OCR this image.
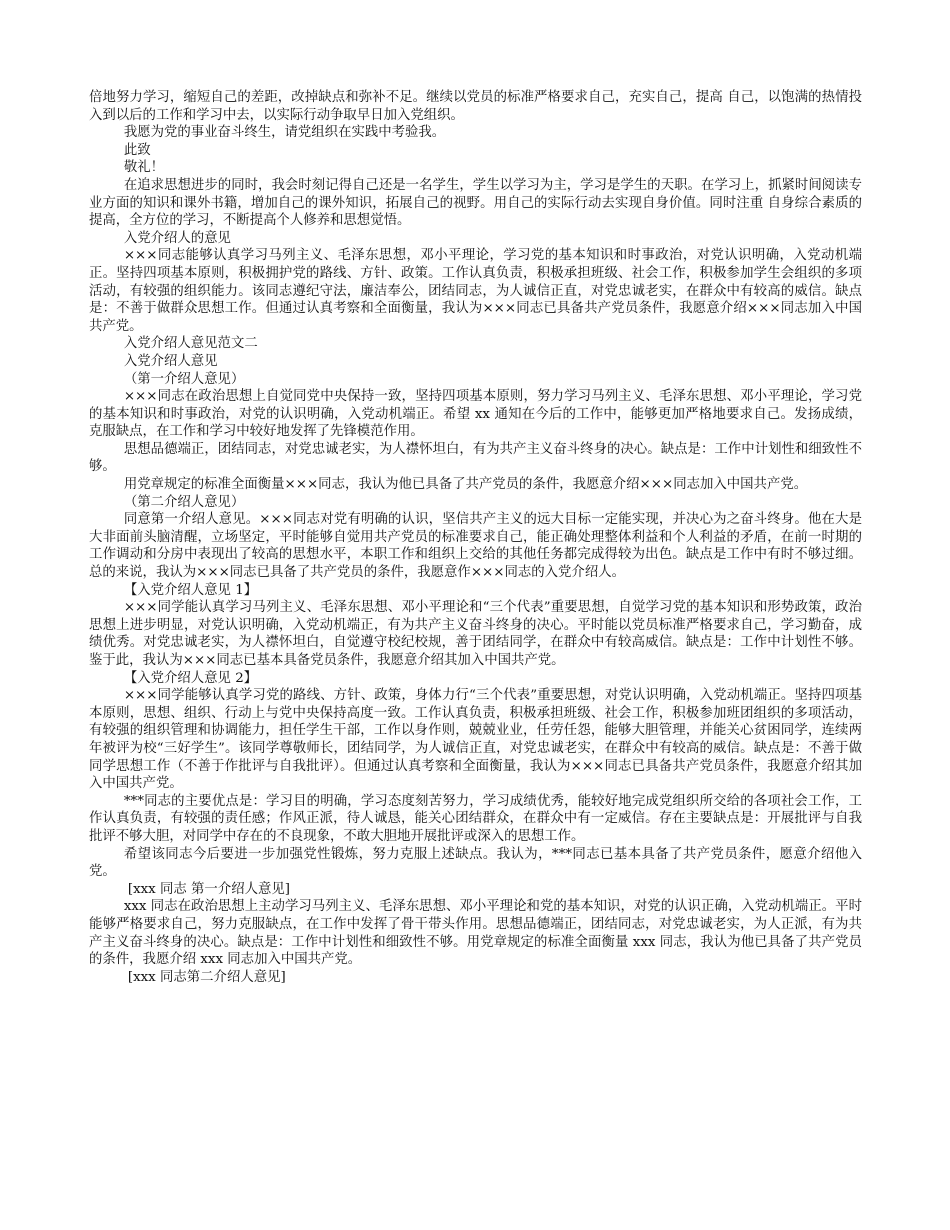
倍地努力学习，缩短自己的差距，改掉缺点和弥补不足。继续以党员的标准严格要求自己，充实自己，提高 自己，以饱满的热情投入到以后的工作和学习中去，以实际行动争取早日加入党组织。

我愿为党的事业奋斗终生，请党组织在实践中考验我。

此致

敬礼！

在追求思想进步的同时，我会时刻记得自己还是一名学生，学生以学习为主，学习是学生的天职。在学习上，抓紧时间阅读专业方面的知识和课外书籍，增加自己的课外知识，拓展自己的视野。用自己的实际行动去实现自身价值。同时注重 自身综合素质的提高，全方位的学习，不断提高个人修养和思想觉悟。

入党介绍人的意见

×××同志能够认真学习马列主义、毛泽东思想，邓小平理论，学习党的基本知识和时事政治，对党认识明确，入党动机端正。坚持四项基本原则，积极拥护党的路线、方针、政策。工作认真负责，积极承担班级、社会工作，积极参加学生会组织的多项活动，有较强的组织能力。该同志遵纪守法，廉洁奉公，团结同志，为人诚信正直，对党忠诚老实，在群众中有较高的威信。缺点是：不善于做群众思想工作。但通过认真考察和全面衡量，我认为×××同志已具备共产党员条件，我愿意介绍×××同志加入中国共产党。

入党介绍人意见范文二

入党介绍人意见

（第一介绍人意见）

×××同志在政治思想上自觉同党中央保持一致，坚持四项基本原则，努力学习马列主义、毛泽东思想、邓小平理论，学习党的基本知识和时事政治，对党的认识明确，入党动机端正。希望 xx 通知在今后的工作中，能够更加严格地要求自己。发扬成绩，克服缺点，在工作和学习中较好地发挥了先锋模范作用。

思想品德端正，团结同志，对党忠诚老实，为人襟怀坦白，有为共产主义奋斗终身的决心。缺点是：工作中计划性和细致性不够。

用党章规定的标准全面衡量×××同志，我认为他已具备了共产党员的条件，我愿意介绍×××同志加入中国共产党。

（第二介绍人意见）

同意第一介绍人意见。×××同志对党有明确的认识，坚信共产主义的远大目标一定能实现，并决心为之奋斗终身。他在大是大非面前头脑清醒，立场坚定，平时能够自觉用共产党员的标准要求自己，能正确处理整体利益和个人利益的矛盾，在前一时期的工作调动和分房中表现出了较高的思想水平，本职工作和组织上交给的其他任务都完成得较为出色。缺点是工作中有时不够过细。总的来说，我认为×××同志已具备了共产党员的条件，我愿意作×××同志的入党介绍人。

【入党介绍人意见 1】

×××同学能认真学习马列主义、毛泽东思想、邓小平理论和“三个代表”重要思想，自觉学习党的基本知识和形势政策，政治思想上进步明显，对党认识明确，入党动机端正，有为共产主义奋斗终身的决心。平时能以党员标准严格要求自己，学习勤奋，成绩优秀。对党忠诚老实，为人襟怀坦白，自觉遵守校纪校规，善于团结同学，在群众中有较高威信。缺点是：工作中计划性不够。鉴于此，我认为×××同志已基本具备党员条件，我愿意介绍其加入中国共产党。

【入党介绍人意见 2】

×××同学能够认真学习党的路线、方针、政策，身体力行“三个代表”重要思想，对党认识明确，入党动机端正。坚持四项基本原则，思想、组织、行动上与党中央保持高度一致。工作认真负责，积极承担班级、社会工作，积极参加班团组织的多项活动，有较强的组织管理和协调能力，担任学生干部，工作以身作则，兢兢业业，任劳任怨，能够大胆管理，并能关心贫困同学，连续两年被评为校“三好学生”。该同学尊敬师长，团结同学，为人诚信正直，对党忠诚老实，在群众中有较高的威信。缺点是：不善于做同学思想工作（不善于作批评与自我批评）。但通过认真考察和全面衡量，我认为×××同志已具备共产党员条件，我愿意介绍其加入中国共产党。

***同志的主要优点是：学习目的明确，学习态度刻苦努力，学习成绩优秀，能较好地完成党组织所交给的各项社会工作，工作认真负责，有较强的责任感；作风正派，待人诚恳，能关心团结群众，在群众中有一定威信。存在主要缺点是：开展批评与自我批评不够大胆，对同学中存在的不良现象，不敢大胆地开展批评或深入的思想工作。

希望该同志今后要进一步加强党性锻炼，努力克服上述缺点。我认为，***同志已基本具备了共产党员条件，愿意介绍他入党。

[xxx 同志 第一介绍人意见]

xxx 同志在政治思想上主动学习马列主义、毛泽东思想、邓小平理论和党的基本知识，对党的认识正确，入党动机端正。平时能够严格要求自己，努力克服缺点，在工作中发挥了骨干带头作用。思想品德端正，团结同志，对党忠诚老实，为人正派，有为共产主义奋斗终身的决心。缺点是：工作中计划性和细致性不够。用党章规定的标准全面衡量 xxx 同志，我认为他已具备了共产党员的条件，我愿介绍 xxx 同志加入中国共产党。

[xxx 同志第二介绍人意见]
